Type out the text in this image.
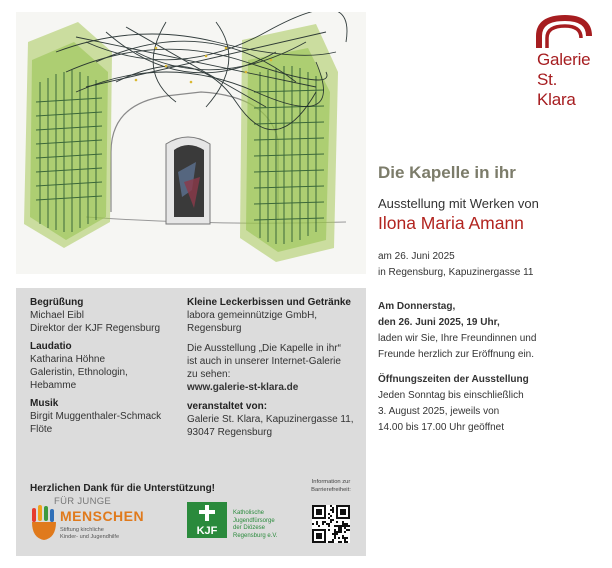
Galerie
St. Klara
Die Kapelle in ihr
Ausstellung mit Werken von
Ilona Maria Amann
am 26. Juni 2025
in Regensburg, Kapuzinergasse 11
Am Donnerstag,
den 26. Juni 2025, 19 Uhr,
laden wir Sie, Ihre Freundinnen und
Freunde herzlich zur Eröffnung ein.
Öffnungszeiten der Ausstellung
Jeden Sonntag bis einschließlich
3. August 2025, jeweils von
14.00 bis 17.00 Uhr geöffnet
Begrüßung
Michael Eibl
Direktor der KJF Regensburg
Laudatio
Katharina Höhne
Galeristin, Ethnologin,
Hebamme
Musik
Birgit Muggenthaler-Schmack
Flöte
Kleine Leckerbissen und Getränke
labora gemeinnützige GmbH,
Regensburg
Die Ausstellung „Die Kapelle in ihr“
ist auch in unserer Internet-Galerie
zu sehen:
www.galerie-st-klara.de
veranstaltet von:
Galerie St. Klara, Kapuzinergasse 11,
93047 Regensburg
Herzlichen Dank für die Unterstützung!
FÜR JUNGE
MENSCHEN
Stiftung kirchliche
Kinder- und Jugendhilfe	KJF
Katholische
Jugendfürsorge
der Diözese
Regensburg e.V.
Information zur
Barrierefreiheit:
